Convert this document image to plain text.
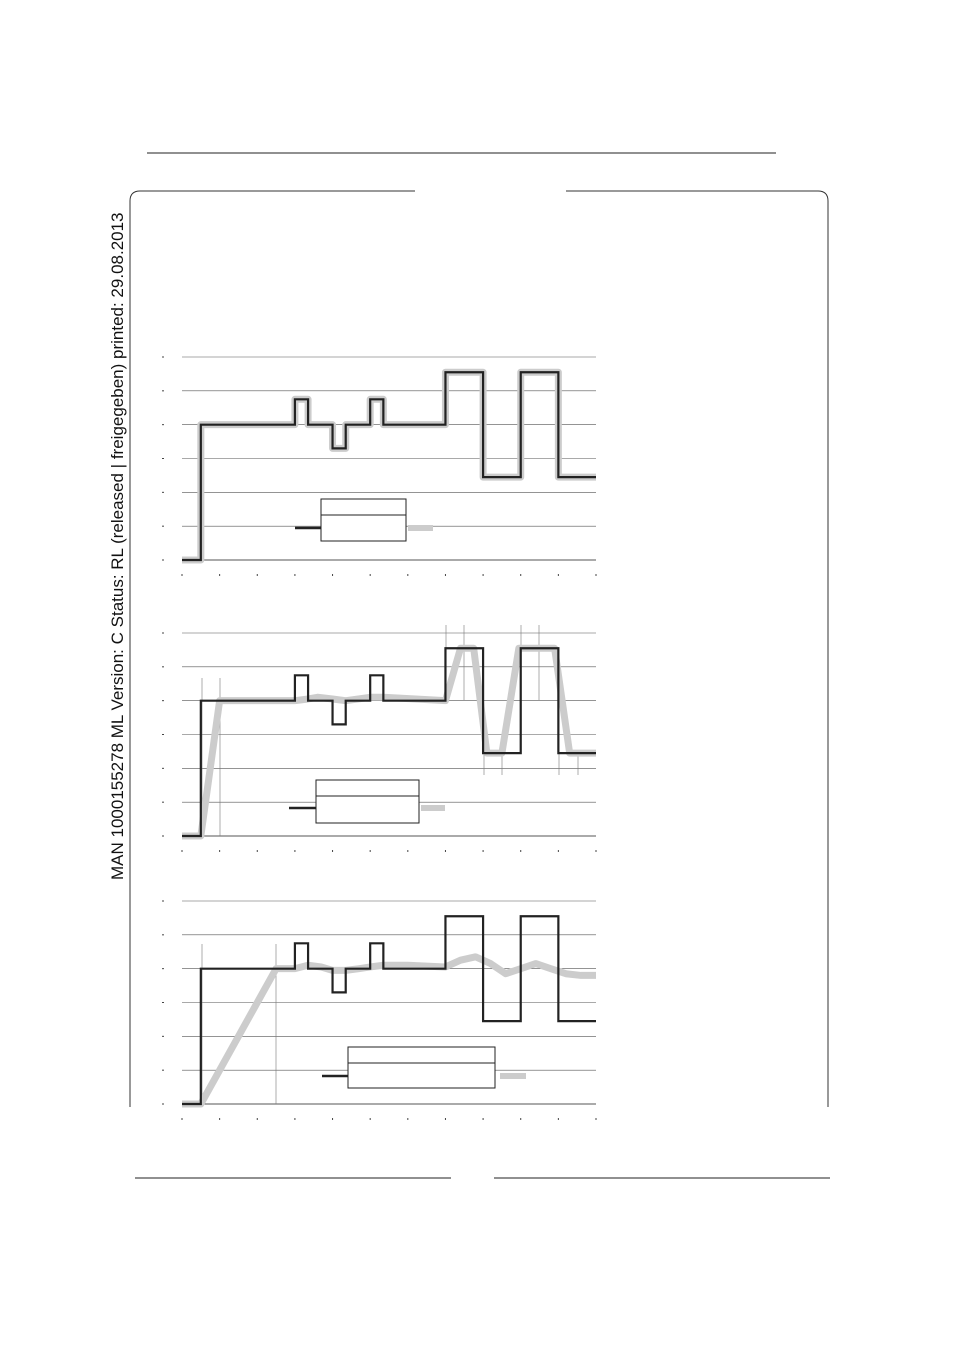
MAN 1000155278 ML Version: C Status: RL (released | freigegeben) printed: 29.08.2013
